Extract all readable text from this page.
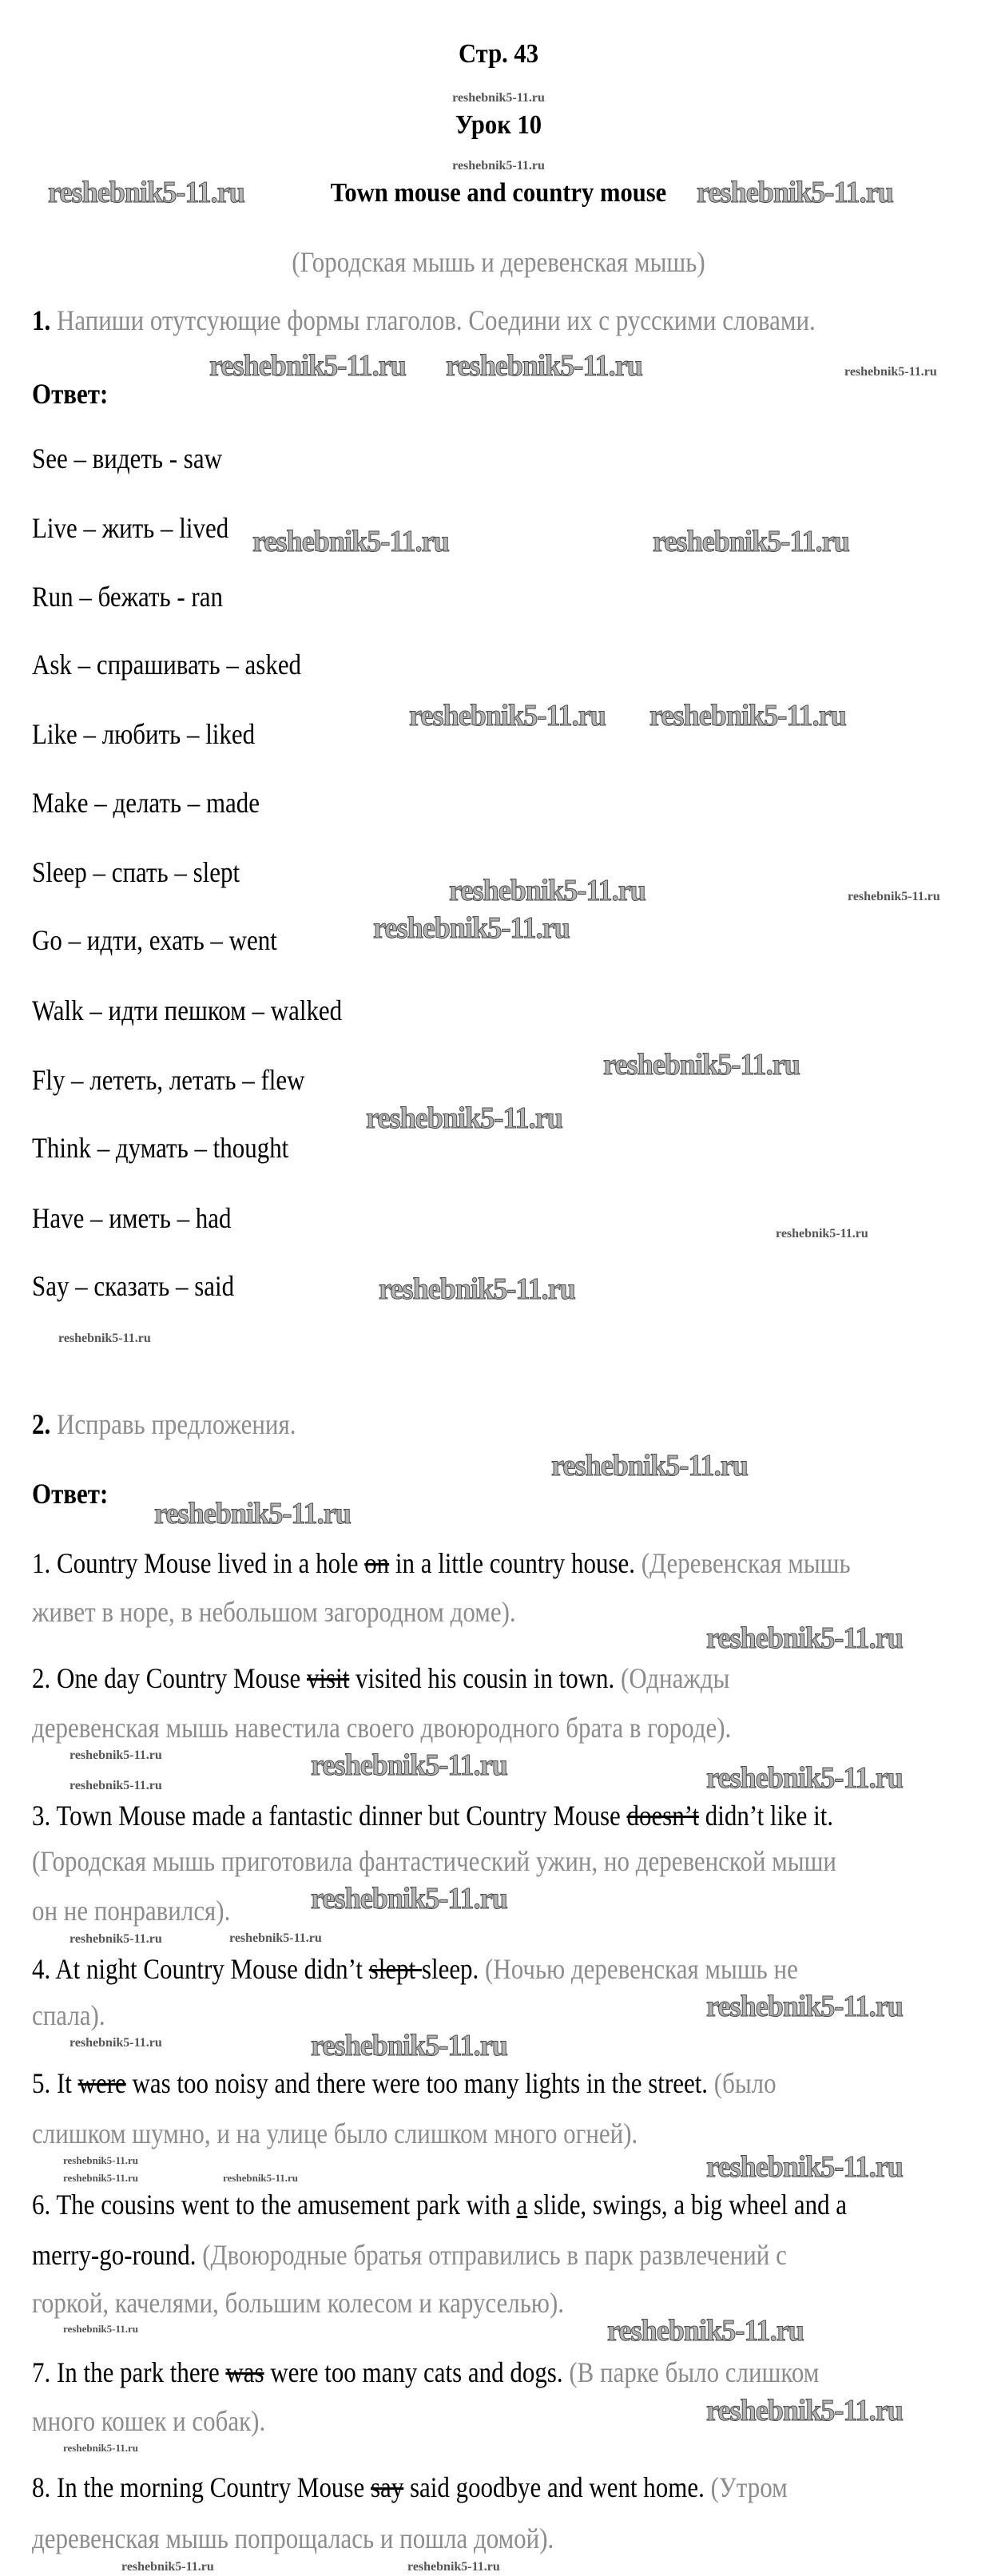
Стр. 43
Урок 10
Town mouse and country mouse
(Городская мышь и деревенская мышь)
1. Напиши отутсующие формы глаголов. Соедини их с русскими словами.
Ответ:
See – видеть - saw
Live – жить – lived
Run – бежать - ran
Ask – спрашивать – asked
Like – любить – liked
Make – делать – made
Sleep – спать – slept
Go – идти, ехать – went
Walk – идти пешком – walked
Fly – лететь, летать – flew
Think – думать – thought
Have – иметь – had
Say – сказать – said
2. Исправь предложения.
Ответ:
1. Country Mouse lived in a hole on in a little country house. (Деревенская мышь
живет в норе, в небольшом загородном доме).
2. One day Country Mouse visit visited his cousin in town. (Однажды
деревенская мышь навестила своего двоюродного брата в городе).
3. Town Mouse made a fantastic dinner but Country Mouse doesn’t didn’t like it.
(Городская мышь приготовила фантастический ужин, но деревенской мыши
он не понравился).
4. At night Country Mouse didn’t slept sleep. (Ночью деревенская мышь не
спала).
5. It were was too noisy and there were too many lights in the street. (было
слишком шумно, и на улице было слишком много огней).
6. The cousins went to the amusement park with a slide, swings, a big wheel and a
merry-go-round. (Двоюродные братья отправились в парк развлечений с
горкой, качелями, большим колесом и каруселью).
7. In the park there was were too many cats and dogs. (В парке было слишком
много кошек и собак).
8. In the morning Country Mouse say said goodbye and went home. (Утром
деревенская мышь попрощалась и пошла домой).
reshebnik5-11.ru
reshebnik5-11.ru
reshebnik5-11.ru	reshebnik5-11.ru
reshebnik5-11.ru reshebnik5-11.ru	reshebnik5-11.ru
reshebnik5-11.ru	reshebnik5-11.ru
reshebnik5-11.ru reshebnik5-11.ru
reshebnik5-11.ru	reshebnik5-11.ru
reshebnik5-11.ru
reshebnik5-11.ru
reshebnik5-11.ru
reshebnik5-11.ru
reshebnik5-11.ru
reshebnik5-11.ru
reshebnik5-11.ru
reshebnik5-11.ru
reshebnik5-11.ru
reshebnik5-11.ru	reshebnik5-11.ru
reshebnik5-11.ru	reshebnik5-11.ru
reshebnik5-11.ru
reshebnik5-11.ru
reshebnik5-11.ru
reshebnik5-11.ru
reshebnik5-11.ru	reshebnik5-11.ru
reshebnik5-11.ru	reshebnik5-11.ru
reshebnik5-11.ru	reshebnik5-11.ru
reshebnik5-11.ru	reshebnik5-11.ru
reshebnik5-11.ru
reshebnik5-11.ru
reshebnik5-11.ru	reshebnik5-11.ru
